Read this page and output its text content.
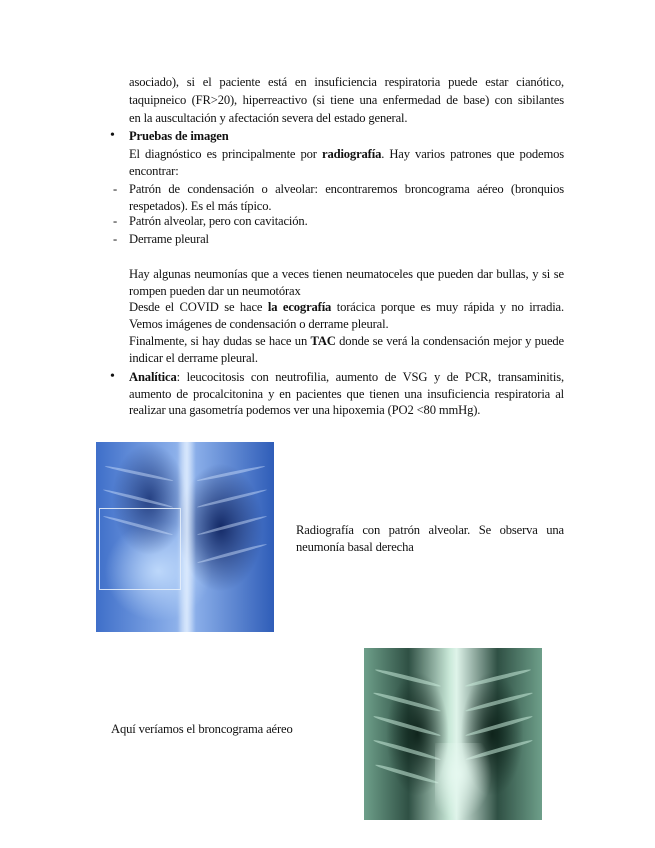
asociado), si el paciente está en insuficiencia respiratoria puede estar cianótico,
taquipneico (FR>20), hiperreactivo (si tiene una enfermedad de base) con sibilantes
en la auscultación y afectación severa del estado general.
• Pruebas de imagen
El diagnóstico es principalmente por radiografía. Hay varios patrones que podemos encontrar:
- Patrón de condensación o alveolar: encontraremos broncograma aéreo (bronquios respetados). Es el más típico.
- Patrón alveolar, pero con cavitación.
- Derrame pleural
Hay algunas neumonías que a veces tienen neumatoceles que pueden dar bullas, y si se rompen pueden dar un neumotórax
Desde el COVID se hace la ecografía torácica porque es muy rápida y no irradia. Vemos imágenes de condensación o derrame pleural.
Finalmente, si hay dudas se hace un TAC donde se verá la condensación mejor y puede indicar el derrame pleural.
• Analítica: leucocitosis con neutrofilia, aumento de VSG y de PCR, transaminitis, aumento de procalcitonina y en pacientes que tienen una insuficiencia respiratoria al realizar una gasometría podemos ver una hipoxemia (PO2 <80 mmHg).
Radiografía con patrón alveolar. Se observa una neumonía basal derecha
Aquí veríamos el broncograma aéreo
